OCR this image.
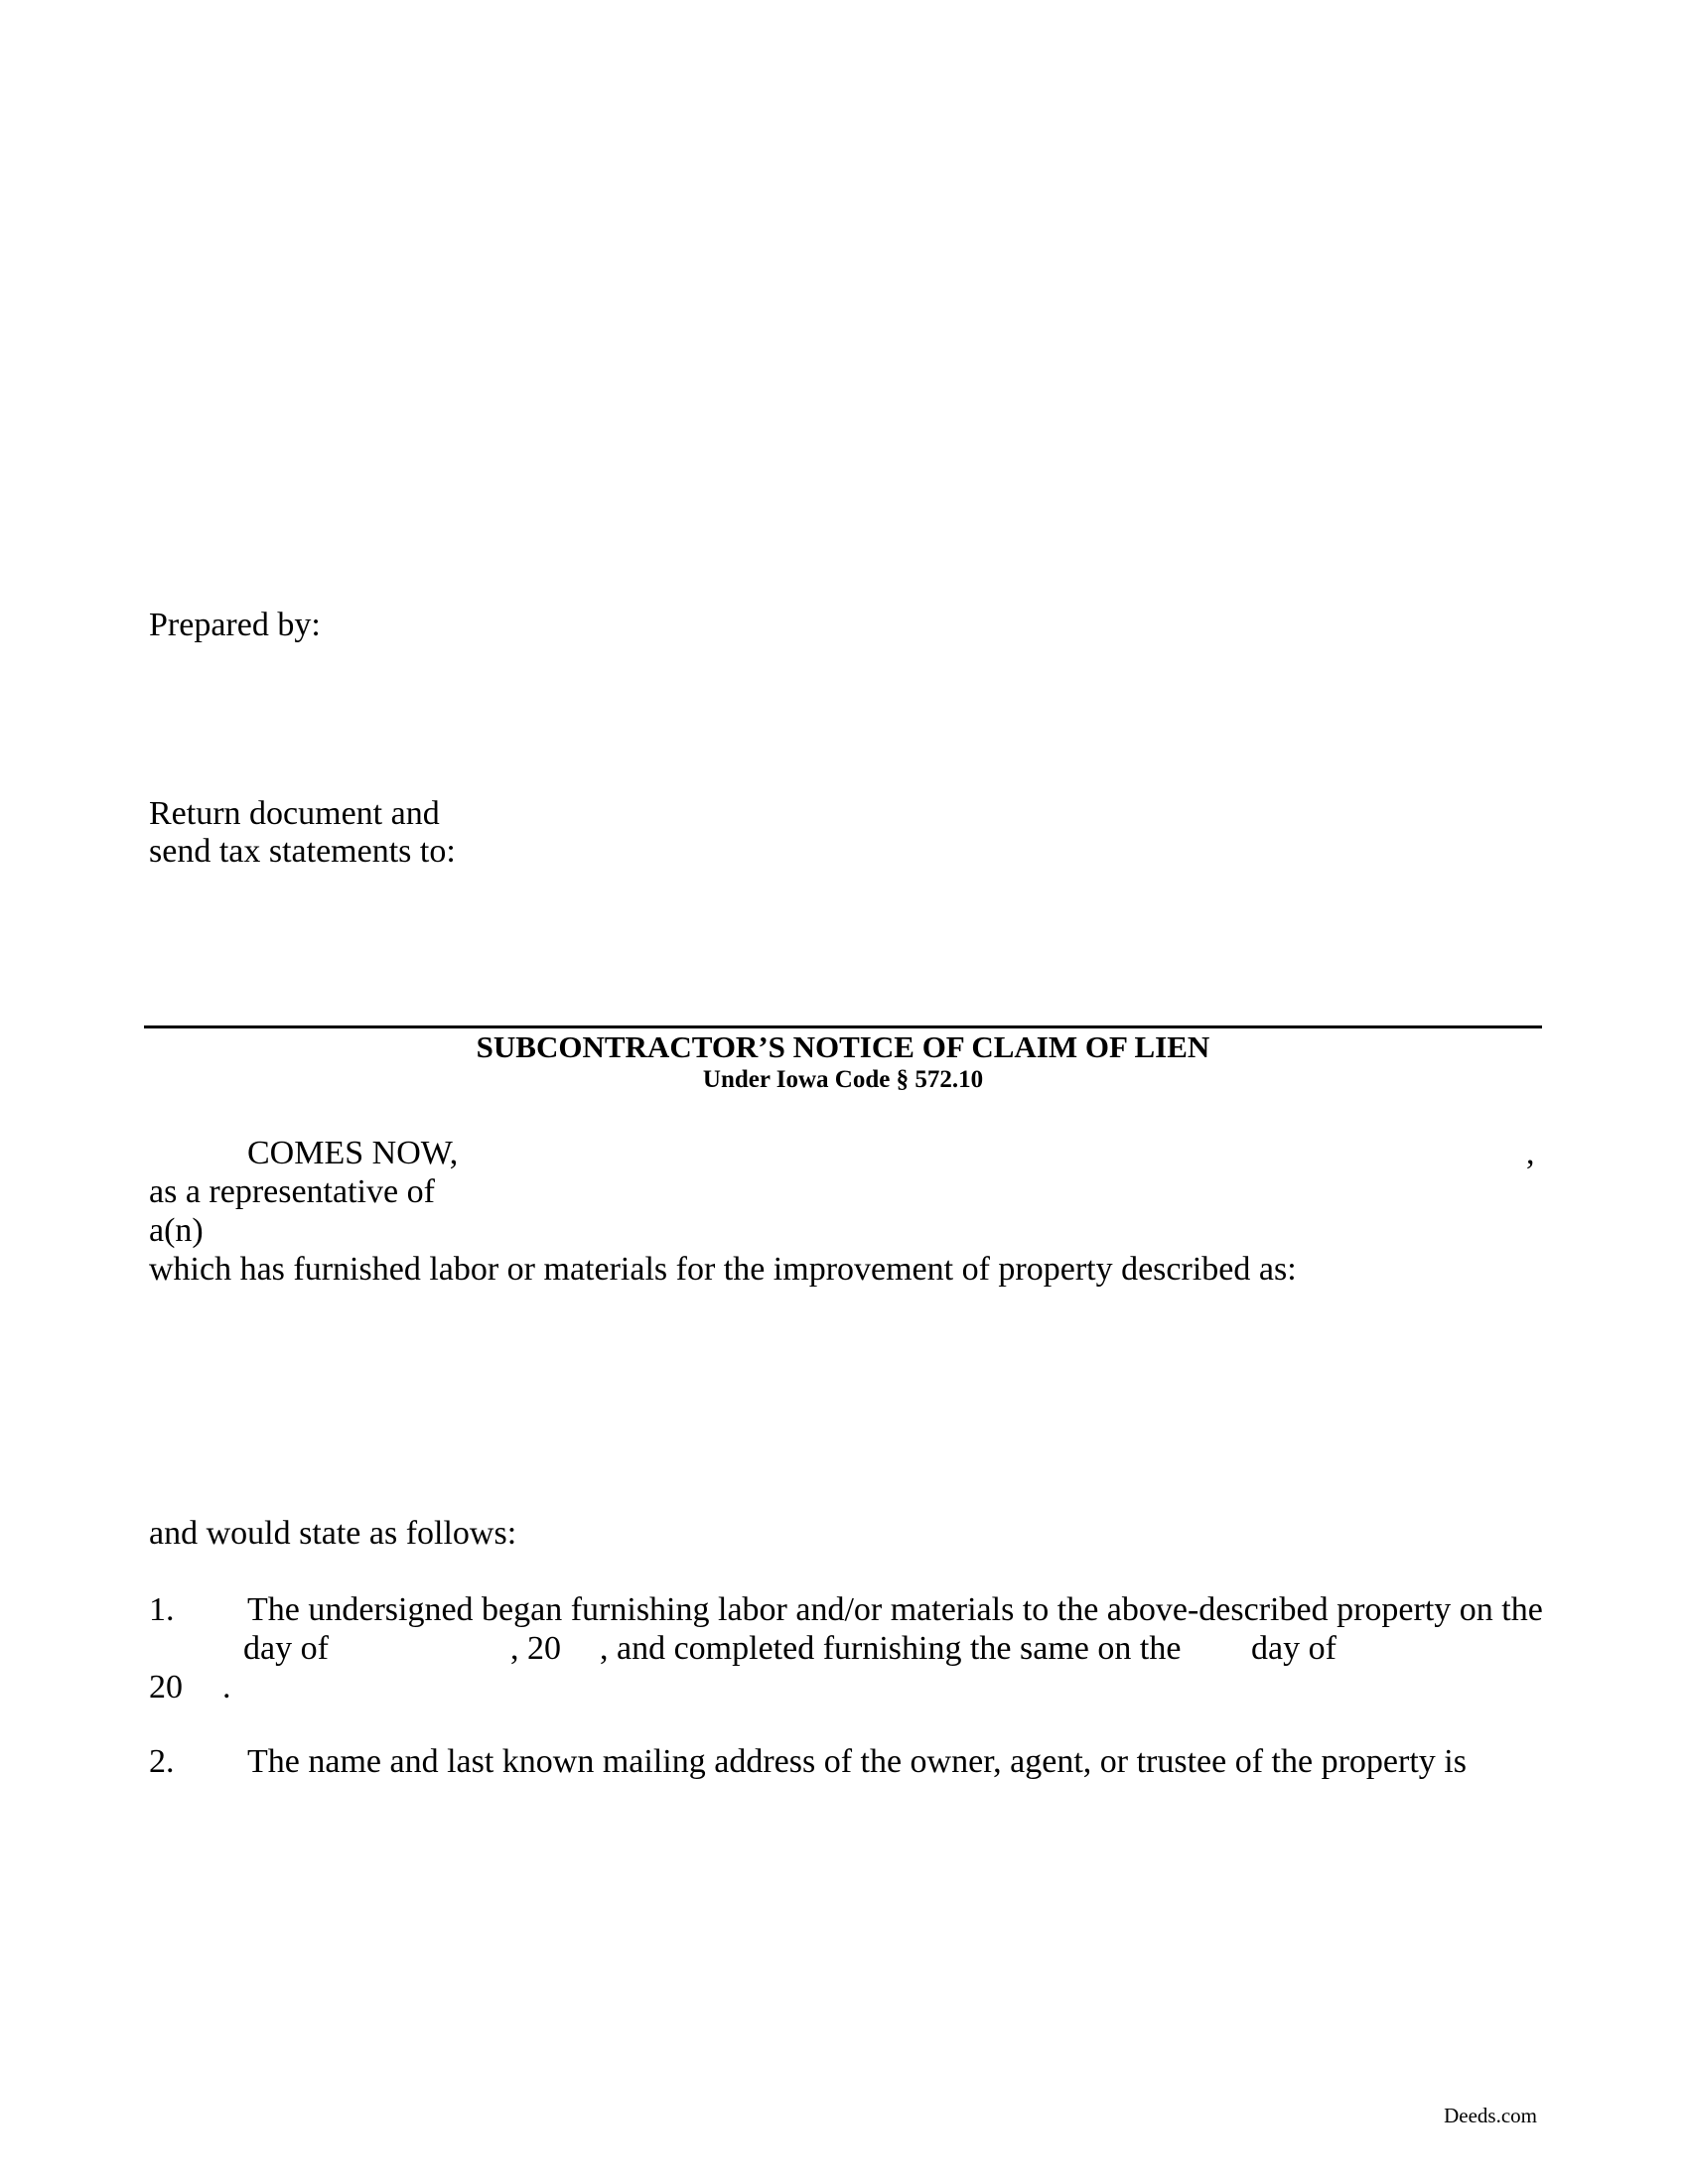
Prepared by:
Return document and
send tax statements to:
SUBCONTRACTOR’S NOTICE OF CLAIM OF LIEN
Under Iowa Code § 572.10
COMES NOW,	,
as a representative of
a(n)
which has furnished labor or materials for the improvement of property described as:
and would state as follows:
1. The undersigned began furnishing labor and/or materials to the above-described property on the
day of	, 20 , and completed furnishing the same on the day of
20 .
2. The name and last known mailing address of the owner, agent, or trustee of the property is
Deeds.com
